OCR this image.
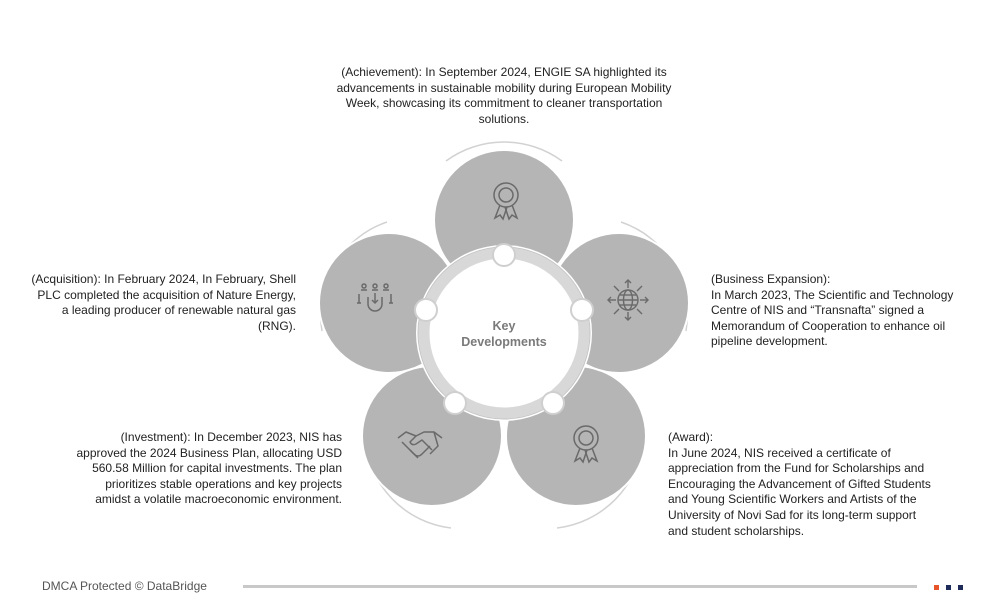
Key
Developments
(Achievement): In September 2024, ENGIE SA highlighted its
advancements in sustainable mobility during European Mobility
Week, showcasing its commitment to cleaner transportation
solutions.
(Acquisition): In February 2024, In February, Shell
PLC completed the acquisition of Nature Energy,
a leading producer of renewable natural gas
(RNG).
(Business Expansion):
In March 2023, The Scientific and Technology
Centre of NIS and “Transnafta” signed a
Memorandum of Cooperation to enhance oil
pipeline development.
(Investment): In December 2023, NIS has
approved the 2024 Business Plan, allocating USD
560.58 Million for capital investments. The plan
prioritizes stable operations and key projects
amidst a volatile macroeconomic environment.
(Award):
In June 2024, NIS received a certificate of
appreciation from the Fund for Scholarships and
Encouraging the Advancement of Gifted Students
and Young Scientific Workers and Artists of the
University of Novi Sad for its long-term support
and student scholarships.
DMCA Protected © DataBridge
